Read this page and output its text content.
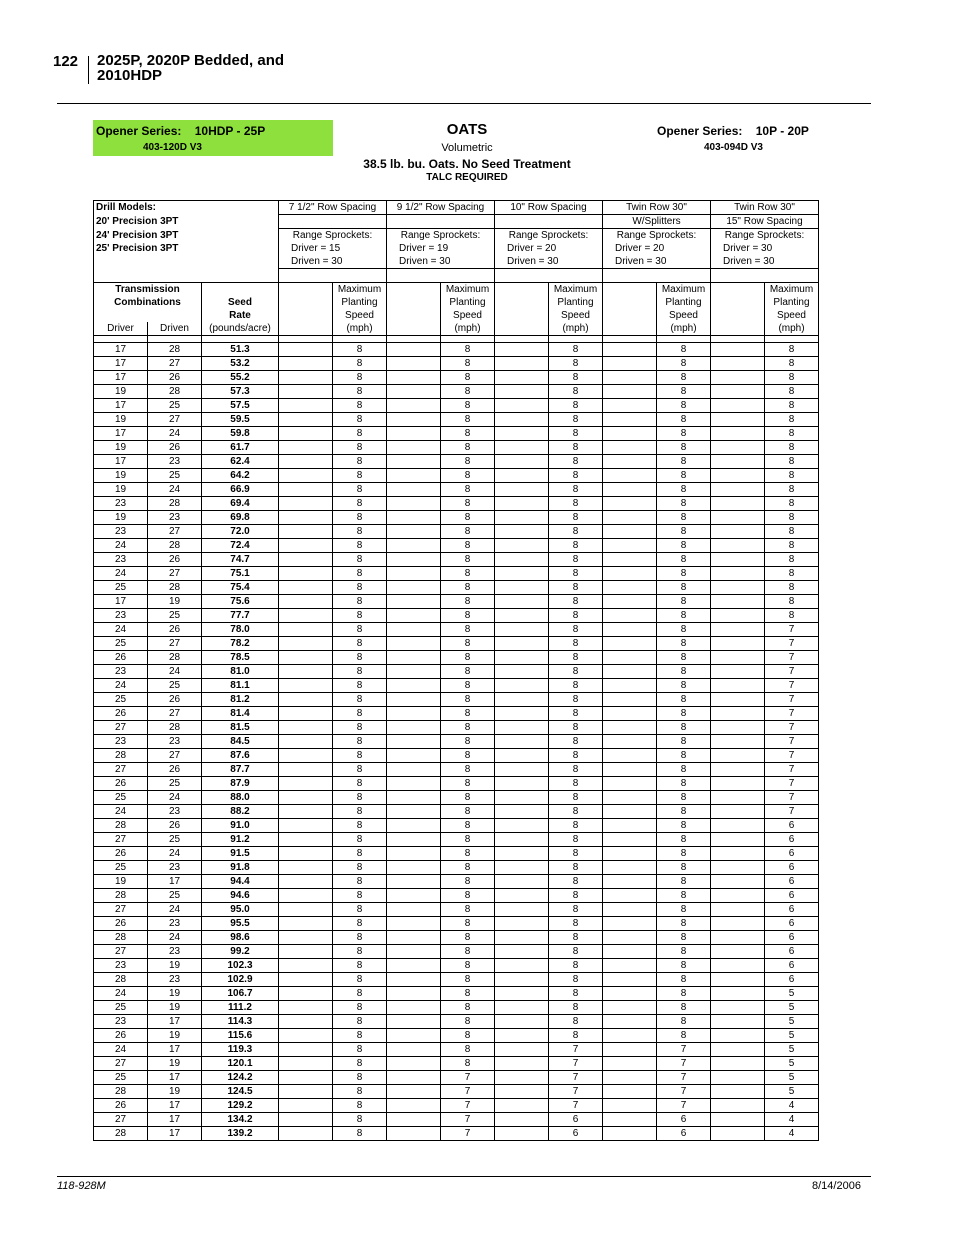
122 2025P, 2020P Bedded, and
2010HDP
Opener Series: 10HDP - 25P
403-120D V3
OATS
Volumetric
38.5 lb. bu. Oats. No Seed Treatment
TALC REQUIRED
Opener Series: 10P - 20P
403-094D V3
Drill Models:			7 1/2" Row Spacing		9 1/2" Row Spacing		10" Row Spacing		Twin Row 30"		Twin Row 30"	
20' Precision 3PT									W/Splitters		15" Row Spacing	
24' Precision 3PT			Range Sprockets:		Range Sprockets:		Range Sprockets:		Range Sprockets:		Range Sprockets:	
25' Precision 3PT			Driver = 15		Driver = 19		Driver = 20		Driver = 20		Driver = 30	
			Driven = 30		Driven = 30		Driven = 30		Driven = 30		Driven = 30	

Transmission				Maximum		Maximum		Maximum		Maximum		Maximum
Combinations		Seed		Planting		Planting		Planting		Planting		Planting
		Rate		Speed		Speed		Speed		Speed		Speed
Driver	Driven	(pounds/acre)		(mph)		(mph)		(mph)		(mph)		(mph)

17	28	51.3		8		8		8		8		8
17	27	53.2		8		8		8		8		8
17	26	55.2		8		8		8		8		8
19	28	57.3		8		8		8		8		8
17	25	57.5		8		8		8		8		8
19	27	59.5		8		8		8		8		8
17	24	59.8		8		8		8		8		8
19	26	61.7		8		8		8		8		8
17	23	62.4		8		8		8		8		8
19	25	64.2		8		8		8		8		8
19	24	66.9		8		8		8		8		8
23	28	69.4		8		8		8		8		8
19	23	69.8		8		8		8		8		8
23	27	72.0		8		8		8		8		8
24	28	72.4		8		8		8		8		8
23	26	74.7		8		8		8		8		8
24	27	75.1		8		8		8		8		8
25	28	75.4		8		8		8		8		8
17	19	75.6		8		8		8		8		8
23	25	77.7		8		8		8		8		8
24	26	78.0		8		8		8		8		7
25	27	78.2		8		8		8		8		7
26	28	78.5		8		8		8		8		7
23	24	81.0		8		8		8		8		7
24	25	81.1		8		8		8		8		7
25	26	81.2		8		8		8		8		7
26	27	81.4		8		8		8		8		7
27	28	81.5		8		8		8		8		7
23	23	84.5		8		8		8		8		7
28	27	87.6		8		8		8		8		7
27	26	87.7		8		8		8		8		7
26	25	87.9		8		8		8		8		7
25	24	88.0		8		8		8		8		7
24	23	88.2		8		8		8		8		7
28	26	91.0		8		8		8		8		6
27	25	91.2		8		8		8		8		6
26	24	91.5		8		8		8		8		6
25	23	91.8		8		8		8		8		6
19	17	94.4		8		8		8		8		6
28	25	94.6		8		8		8		8		6
27	24	95.0		8		8		8		8		6
26	23	95.5		8		8		8		8		6
28	24	98.6		8		8		8		8		6
27	23	99.2		8		8		8		8		6
23	19	102.3		8		8		8		8		6
28	23	102.9		8		8		8		8		6
24	19	106.7		8		8		8		8		5
25	19	111.2		8		8		8		8		5
23	17	114.3		8		8		8		8		5
26	19	115.6		8		8		8		8		5
24	17	119.3		8		8		7		7		5
27	19	120.1		8		8		7		7		5
25	17	124.2		8		7		7		7		5
28	19	124.5		8		7		7		7		5
26	17	129.2		8		7		7		7		4
27	17	134.2		8		7		6		6		4
28	17	139.2		8		7		6		6		4
118-928M	8/14/2006
